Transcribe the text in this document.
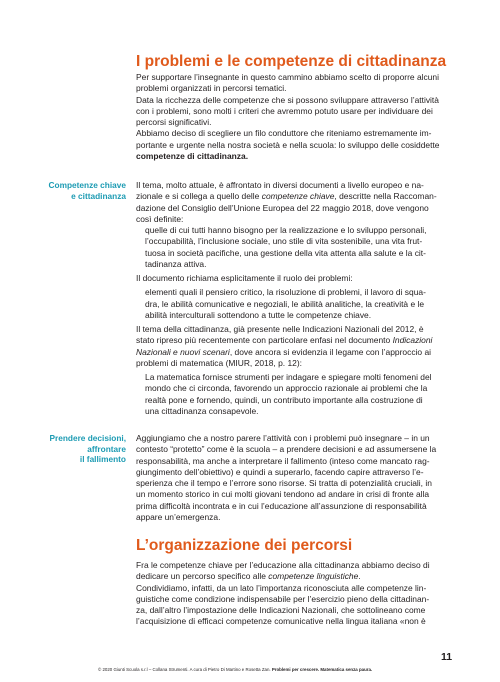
I problemi e le competenze di cittadinanza

Per supportare l’insegnante in questo cammino abbiamo scelto di proporre alcuni

problemi organizzati in percorsi tematici.

Data la ricchezza delle competenze che si possono sviluppare attraverso l’attività

con i problemi, sono molti i criteri che avremmo potuto usare per individuare dei

percorsi significativi.

Abbiamo deciso di scegliere un filo conduttore che riteniamo estremamente im-

portante e urgente nella nostra società e nella scuola: lo sviluppo delle cosiddette

competenze di cittadinanza.

Competenze chiave
e cittadinanza

Il tema, molto attuale, è affrontato in diversi documenti a livello europeo e na-

zionale e si collega a quello delle competenze chiave, descritte nella Raccoman-

dazione del Consiglio dell’Unione Europea del 22 maggio 2018, dove vengono

così definite:

quelle di cui tutti hanno bisogno per la realizzazione e lo sviluppo personali,

l’occupabilità, l’inclusione sociale, uno stile di vita sostenibile, una vita frut-

tuosa in società pacifiche, una gestione della vita attenta alla salute e la cit-

tadinanza attiva.

Il documento richiama esplicitamente il ruolo dei problemi:

elementi quali il pensiero critico, la risoluzione di problemi, il lavoro di squa-

dra, le abilità comunicative e negoziali, le abilità analitiche, la creatività e le

abilità interculturali sottendono a tutte le competenze chiave.

Il tema della cittadinanza, già presente nelle Indicazioni Nazionali del 2012, è

stato ripreso più recentemente con particolare enfasi nel documento Indicazioni

Nazionali e nuovi scenari, dove ancora si evidenzia il legame con l’approccio ai

problemi di matematica (MIUR, 2018, p. 12):

La matematica fornisce strumenti per indagare e spiegare molti fenomeni del

mondo che ci circonda, favorendo un approccio razionale ai problemi che la

realtà pone e fornendo, quindi, un contributo importante alla costruzione di

una cittadinanza consapevole.

Prendere decisioni,
affrontare
il fallimento

Aggiungiamo che a nostro parere l’attività con i problemi può insegnare – in un

contesto “protetto” come è la scuola – a prendere decisioni e ad assumersene la

responsabilità, ma anche a interpretare il fallimento (inteso come mancato rag-

giungimento dell’obiettivo) e quindi a superarlo, facendo capire attraverso l’e-

sperienza che il tempo e l’errore sono risorse. Si tratta di potenzialità cruciali, in

un momento storico in cui molti giovani tendono ad andare in crisi di fronte alla

prima difficoltà incontrata e in cui l’educazione all’assunzione di responsabilità

appare un’emergenza.

L’organizzazione dei percorsi

Fra le competenze chiave per l’educazione alla cittadinanza abbiamo deciso di

dedicare un percorso specifico alle competenze linguistiche.

Condividiamo, infatti, da un lato l’importanza riconosciuta alle competenze lin-

guistiche come condizione indispensabile per l’esercizio pieno della cittadinan-

za, dall’altro l’impostazione delle Indicazioni Nazionali, che sottolineano come

l’acquisizione di efficaci competenze comunicative nella lingua italiana «non è

11
© 2020 Giunti Scuola s.r.l – Collana Strumenti. A cura di Pietro Di Martino e Rosetta Zan. Problemi per crescere. Matematica senza paura.
